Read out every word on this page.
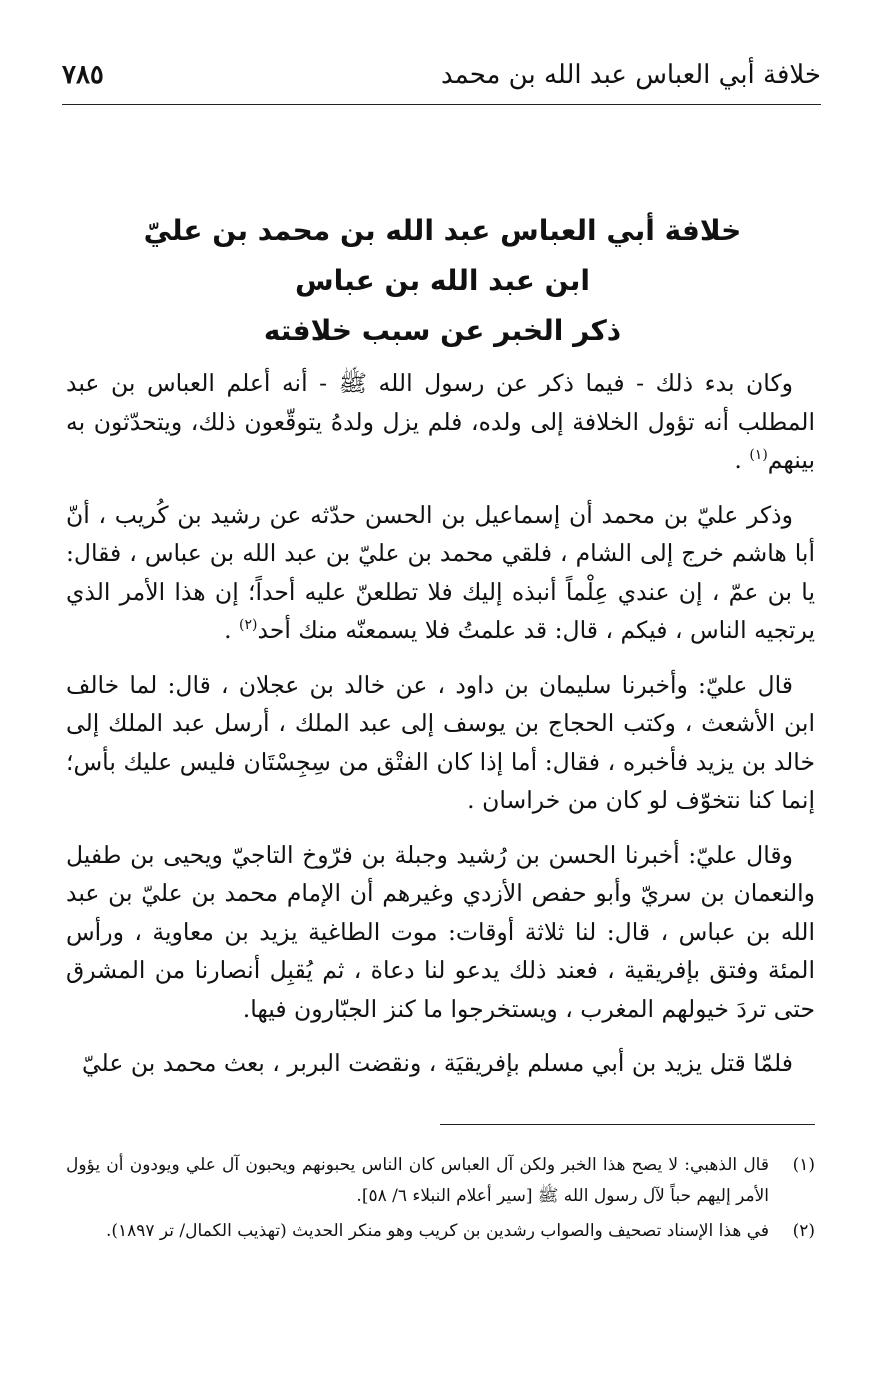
خلافة أبي العباس عبد الله بن محمد
٧٨٥
خلافة أبي العباس عبد الله بن محمد بن عليّ
ابن عبد الله بن عباس
ذكر الخبر عن سبب خلافته

وكان بدء ذلك - فيما ذكر عن رسول الله ﷺ - أنه أعلم العباس بن عبد المطلب أنه تؤول الخلافة إلى ولده، فلم يزل ولدهُ يتوقّعون ذلك، ويتحدّثون به بينهم$^{(١)}$ .

وذكر عليّ بن محمد أن إسماعيل بن الحسن حدّثه عن رشيد بن كُريب ، أنّ أبا هاشم خرج إلى الشام ، فلقي محمد بن عليّ بن عبد الله بن عباس ، فقال: يا بن عمّ ، إن عندي عِلْماً أنبذه إليك فلا تطلعنّ عليه أحداً؛ إن هذا الأمر الذي يرتجيه الناس ، فيكم ، قال: قد علمتُ فلا يسمعنّه منك أحد$^{(٢)}$ .

قال عليّ: وأخبرنا سليمان بن داود ، عن خالد بن عجلان ، قال: لما خالف ابن الأشعث ، وكتب الحجاج بن يوسف إلى عبد الملك ، أرسل عبد الملك إلى خالد بن يزيد فأخبره ، فقال: أما إذا كان الفتْق من سِجِسْتَان فليس عليك بأس؛ إنما كنا نتخوّف لو كان من خراسان .

وقال عليّ: أخبرنا الحسن بن رُشيد وجبلة بن فرّوخ التاجيّ ويحيى بن طفيل والنعمان بن سريّ وأبو حفص الأزدي وغيرهم أن الإمام محمد بن عليّ بن عبد الله بن عباس ، قال: لنا ثلاثة أوقات: موت الطاغية يزيد بن معاوية ، ورأس المئة وفتق بإفريقية ، فعند ذلك يدعو لنا دعاة ، ثم يُقبِل أنصارنا من المشرق حتى تردَ خيولهم المغرب ، ويستخرجوا ما كنز الجبّارون فيها.

فلمّا قتل يزيد بن أبي مسلم بإفريقيَة ، ونقضت البربر ، بعث محمد بن عليّ

(١)
قال الذهبي: لا يصح هذا الخبر ولكن آل العباس كان الناس يحبونهم ويحبون آل علي ويودون أن يؤول الأمر إليهم حباً لآل رسول الله ﷺ [سير أعلام النبلاء ٦/ ٥٨].
(٢)
في هذا الإسناد تصحيف والصواب رشدين بن كريب وهو منكر الحديث (تهذيب الكمال/ تر ١٨٩٧).
